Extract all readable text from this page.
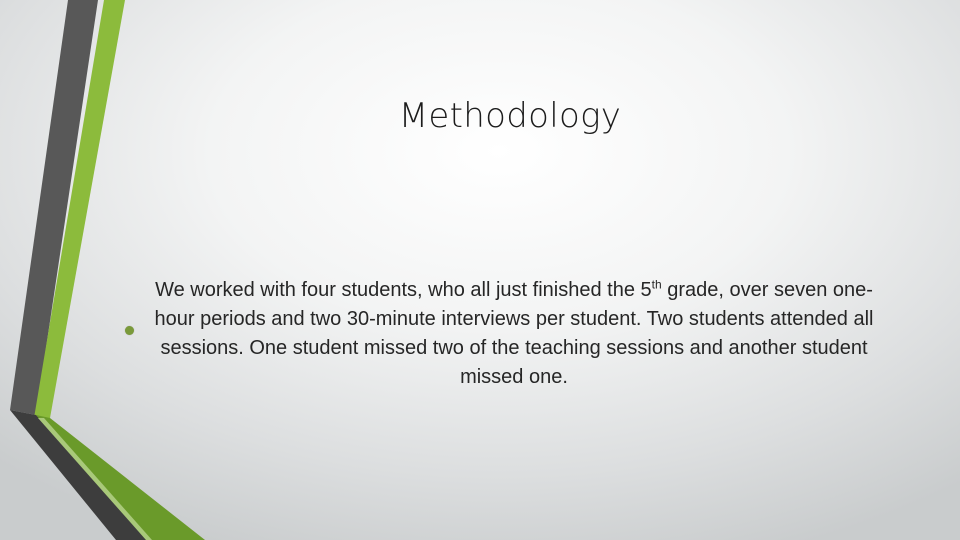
Methodology
We worked with four students, who all just finished the 5th grade, over seven one-hour periods and two 30-minute interviews per student. Two students attended all sessions. One student missed two of the teaching sessions and another student missed one.
